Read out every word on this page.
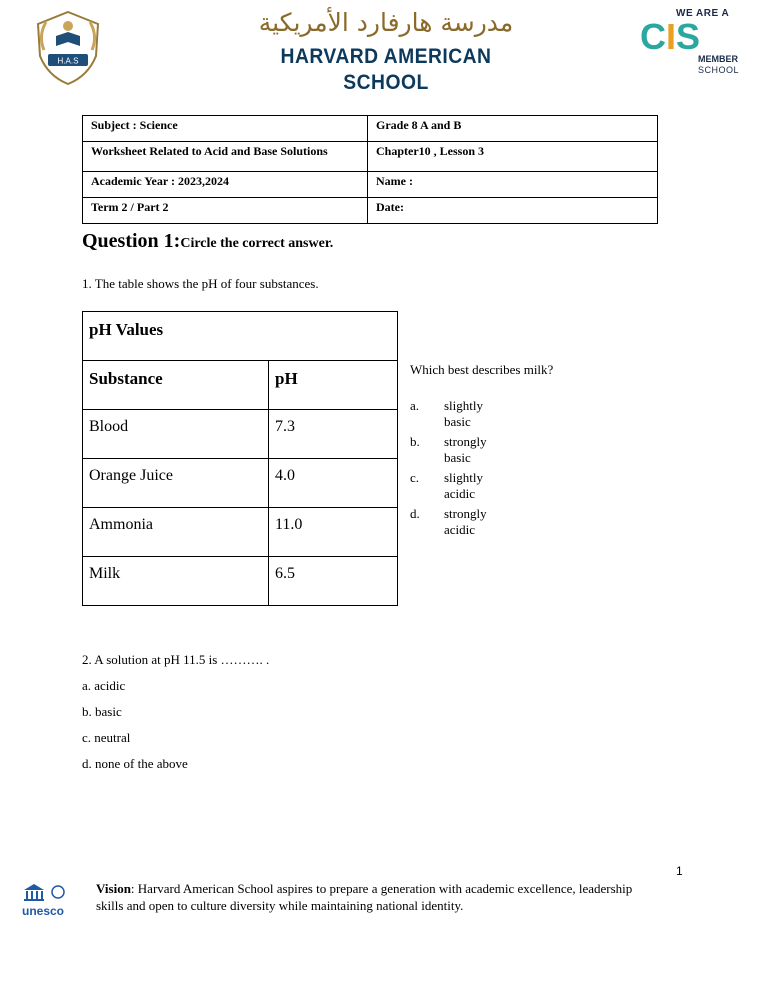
H.A.S
مدرسة هارفارد الأمريكية
HARVARD AMERICAN SCHOOL
WE ARE A
CIS
MEMBER
SCHOOL
Subject : Science	Grade 8 A and B
Worksheet Related to Acid and Base Solutions	Chapter10 , Lesson 3
Academic Year : 2023,2024	Name :
Term 2 / Part 2	Date:
Question 1:Circle the correct answer.
1. The table shows the pH of four substances.
pH Values	
Substance	pH
Blood	7.3
Orange Juice	4.0
Ammonia	11.0
Milk	6.5
Which best describes milk?
a. slightly basic
b. strongly basic
c. slightly acidic
d. strongly acidic
2. A solution at pH 11.5 is ………. .
a. acidic
b. basic
c. neutral
d. none of the above
1
unesco
Vision: Harvard American School aspires to prepare a generation with academic excellence, leadership skills and open to culture diversity while maintaining national identity.
